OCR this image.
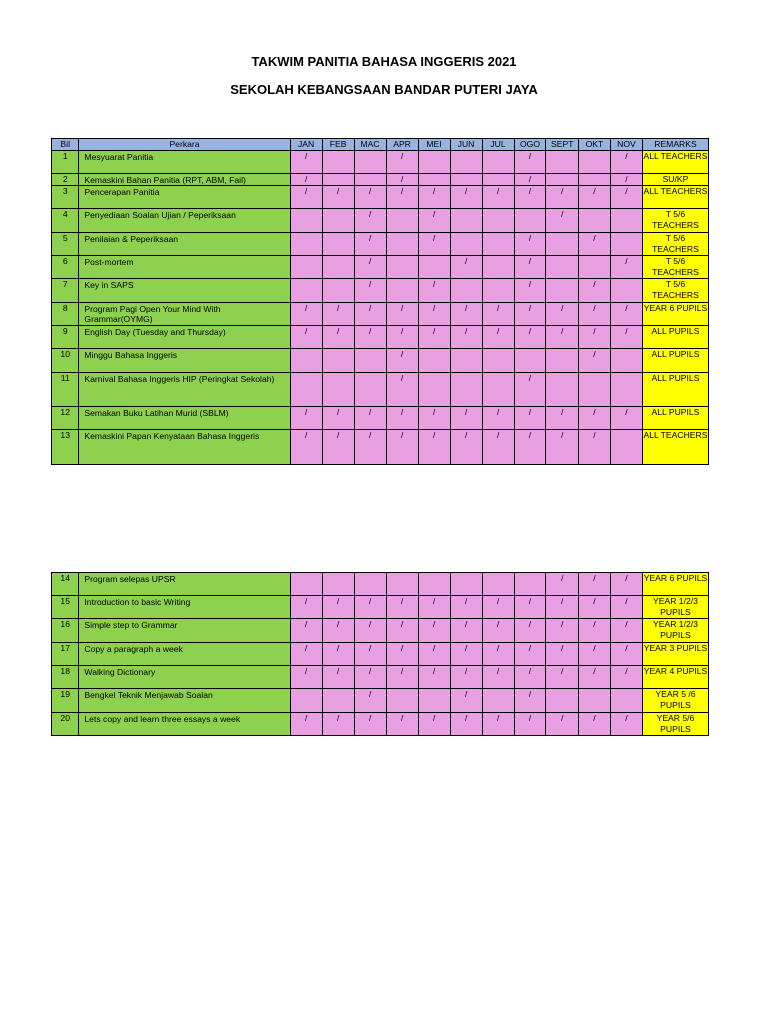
TAKWIM PANITIA BAHASA INGGERIS 2021
SEKOLAH KEBANGSAAN BANDAR PUTERI JAYA
Bil	Perkara	JAN	FEB	MAC	APR	MEI	JUN	JUL	OGO	SEPT	OKT	NOV	REMARKS
1	Mesyuarat Panitia	/			/				/			/	ALL TEACHERS
2	Kemaskini Bahan Panitia (RPT, ABM, Fail)	/			/				/			/	SU/KP
3	Pencerapan Panitia	/	/	/	/	/	/	/	/	/	/	/	ALL TEACHERS
4	Penyediaan Soalan Ujian / Peperiksaan			/		/				/			T 5/6 TEACHERS
5	Penilaian & Peperiksaan			/		/			/		/		T 5/6 TEACHERS
6	Post-mortem			/			/		/			/	T 5/6 TEACHERS
7	Key in SAPS			/		/			/		/		T 5/6 TEACHERS
8	Program Pagi Open Your Mind With Grammar(OYMG)	/	/	/	/	/	/	/	/	/	/	/	YEAR 6 PUPILS
9	English Day (Tuesday and Thursday)	/	/	/	/	/	/	/	/	/	/	/	ALL PUPILS
10	Minggu Bahasa Inggeris				/						/		ALL PUPILS
11	Karnival Bahasa Inggeris HIP (Peringkat Sekolah)				/				/				ALL PUPILS
12	Semakan Buku Latihan Murid (SBLM)	/	/	/	/	/	/	/	/	/	/	/	ALL PUPILS
13	Kemaskini Papan Kenyataan Bahasa Inggeris	/	/	/	/	/	/	/	/	/	/		ALL TEACHERS
14	Program selepas UPSR									/	/	/	YEAR 6 PUPILS
15	Introduction to basic Writing	/	/	/	/	/	/	/	/	/	/	/	YEAR 1/2/3 PUPILS
16	Simple step to Grammar	/	/	/	/	/	/	/	/	/	/	/	YEAR 1/2/3 PUPILS
17	Copy a paragraph a week	/	/	/	/	/	/	/	/	/	/	/	YEAR 3 PUPILS
18	Walking Dictionary	/	/	/	/	/	/	/	/	/	/	/	YEAR 4 PUPILS
19	Bengkel Teknik Menjawab Soalan			/			/		/				YEAR 5 /6 PUPILS
20	Lets copy and learn three essays a week	/	/	/	/	/	/	/	/	/	/	/	YEAR 5/6 PUPILS
